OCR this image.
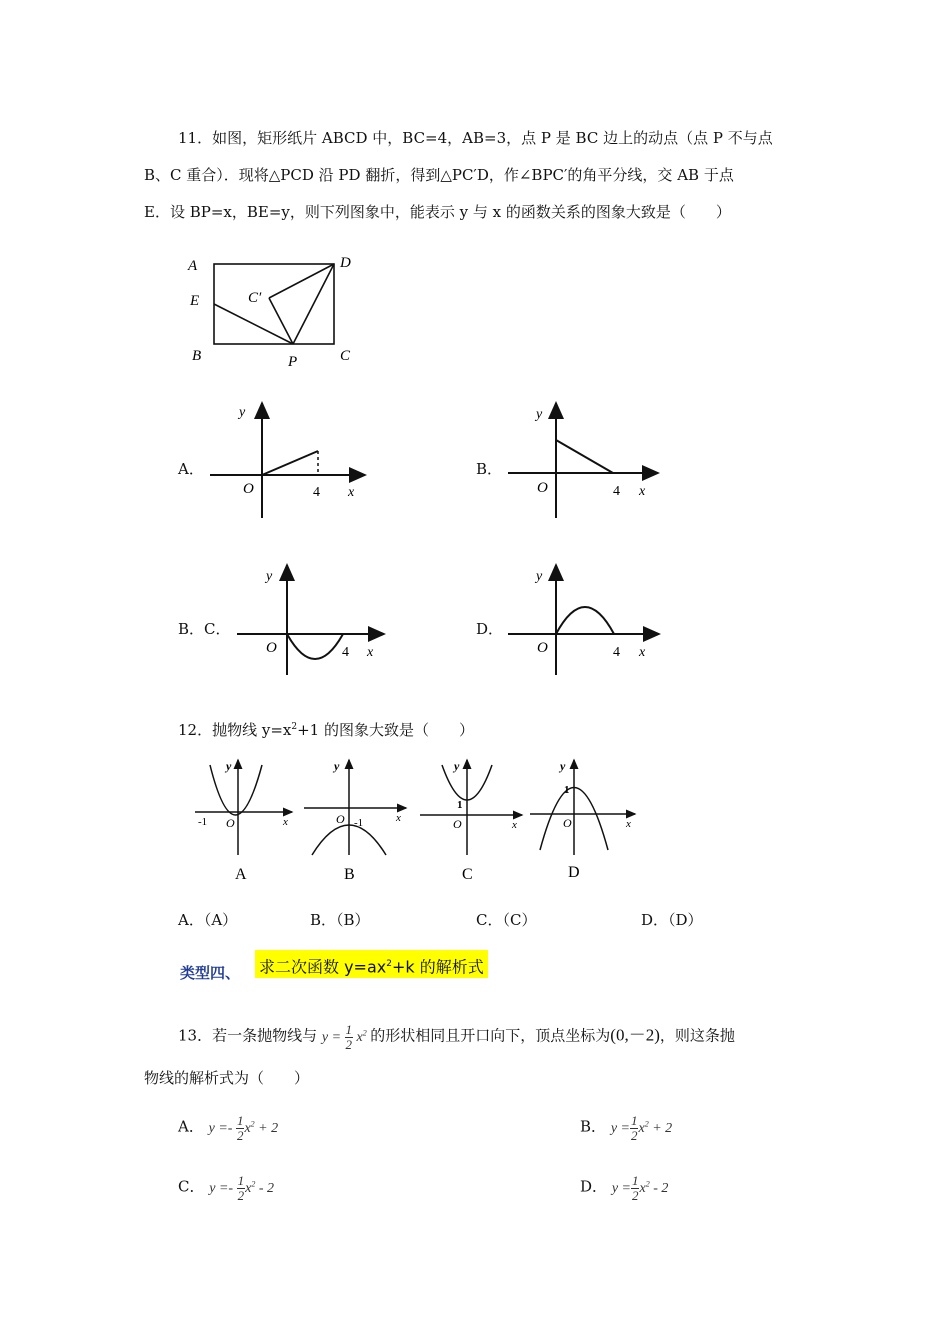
11．如图，矩形纸片 ABCD 中，BC=4，AB=3，点 P 是 BC 边上的动点（点 P 不与点
B、C 重合）．现将△PCD 沿 PD 翻折，得到△PC′D，作∠BPC′的角平分线，交 AB 于点
E．设 BP=x，BE=y，则下列图象中，能表示 y 与 x 的函数关系的图象大致是（　　）
A	D
E	C′
B	P	C
A．	B．
B．C．	D．
y
O	4 x
y
O	4 x
y
O	4 x
y
O	4 x
12．抛物线 $y=x^2+1$ 的图象大致是（　　）
y
-1 O	x
A
y
O -1	x
B
y
1
O	x
C
y
1
O	x
D
A．（A）	B．（B）	C．（C）	D．（D）
类型四、 求二次函数 $y=ax^2+k$ 的解析式
13．若一条抛物线与 $y = \frac{1}{2} x^2$ 的形状相同且开口向下，顶点坐标为(0,－2)，则这条抛
物线的解析式为（　　）
A． $y =- \frac{1}{2} x^2 + 2$	B． $y = \frac{1}{2} x^2 + 2$
C． $y =- \frac{1}{2} x^2 - 2$	D． $y = \frac{1}{2} x^2 - 2$
